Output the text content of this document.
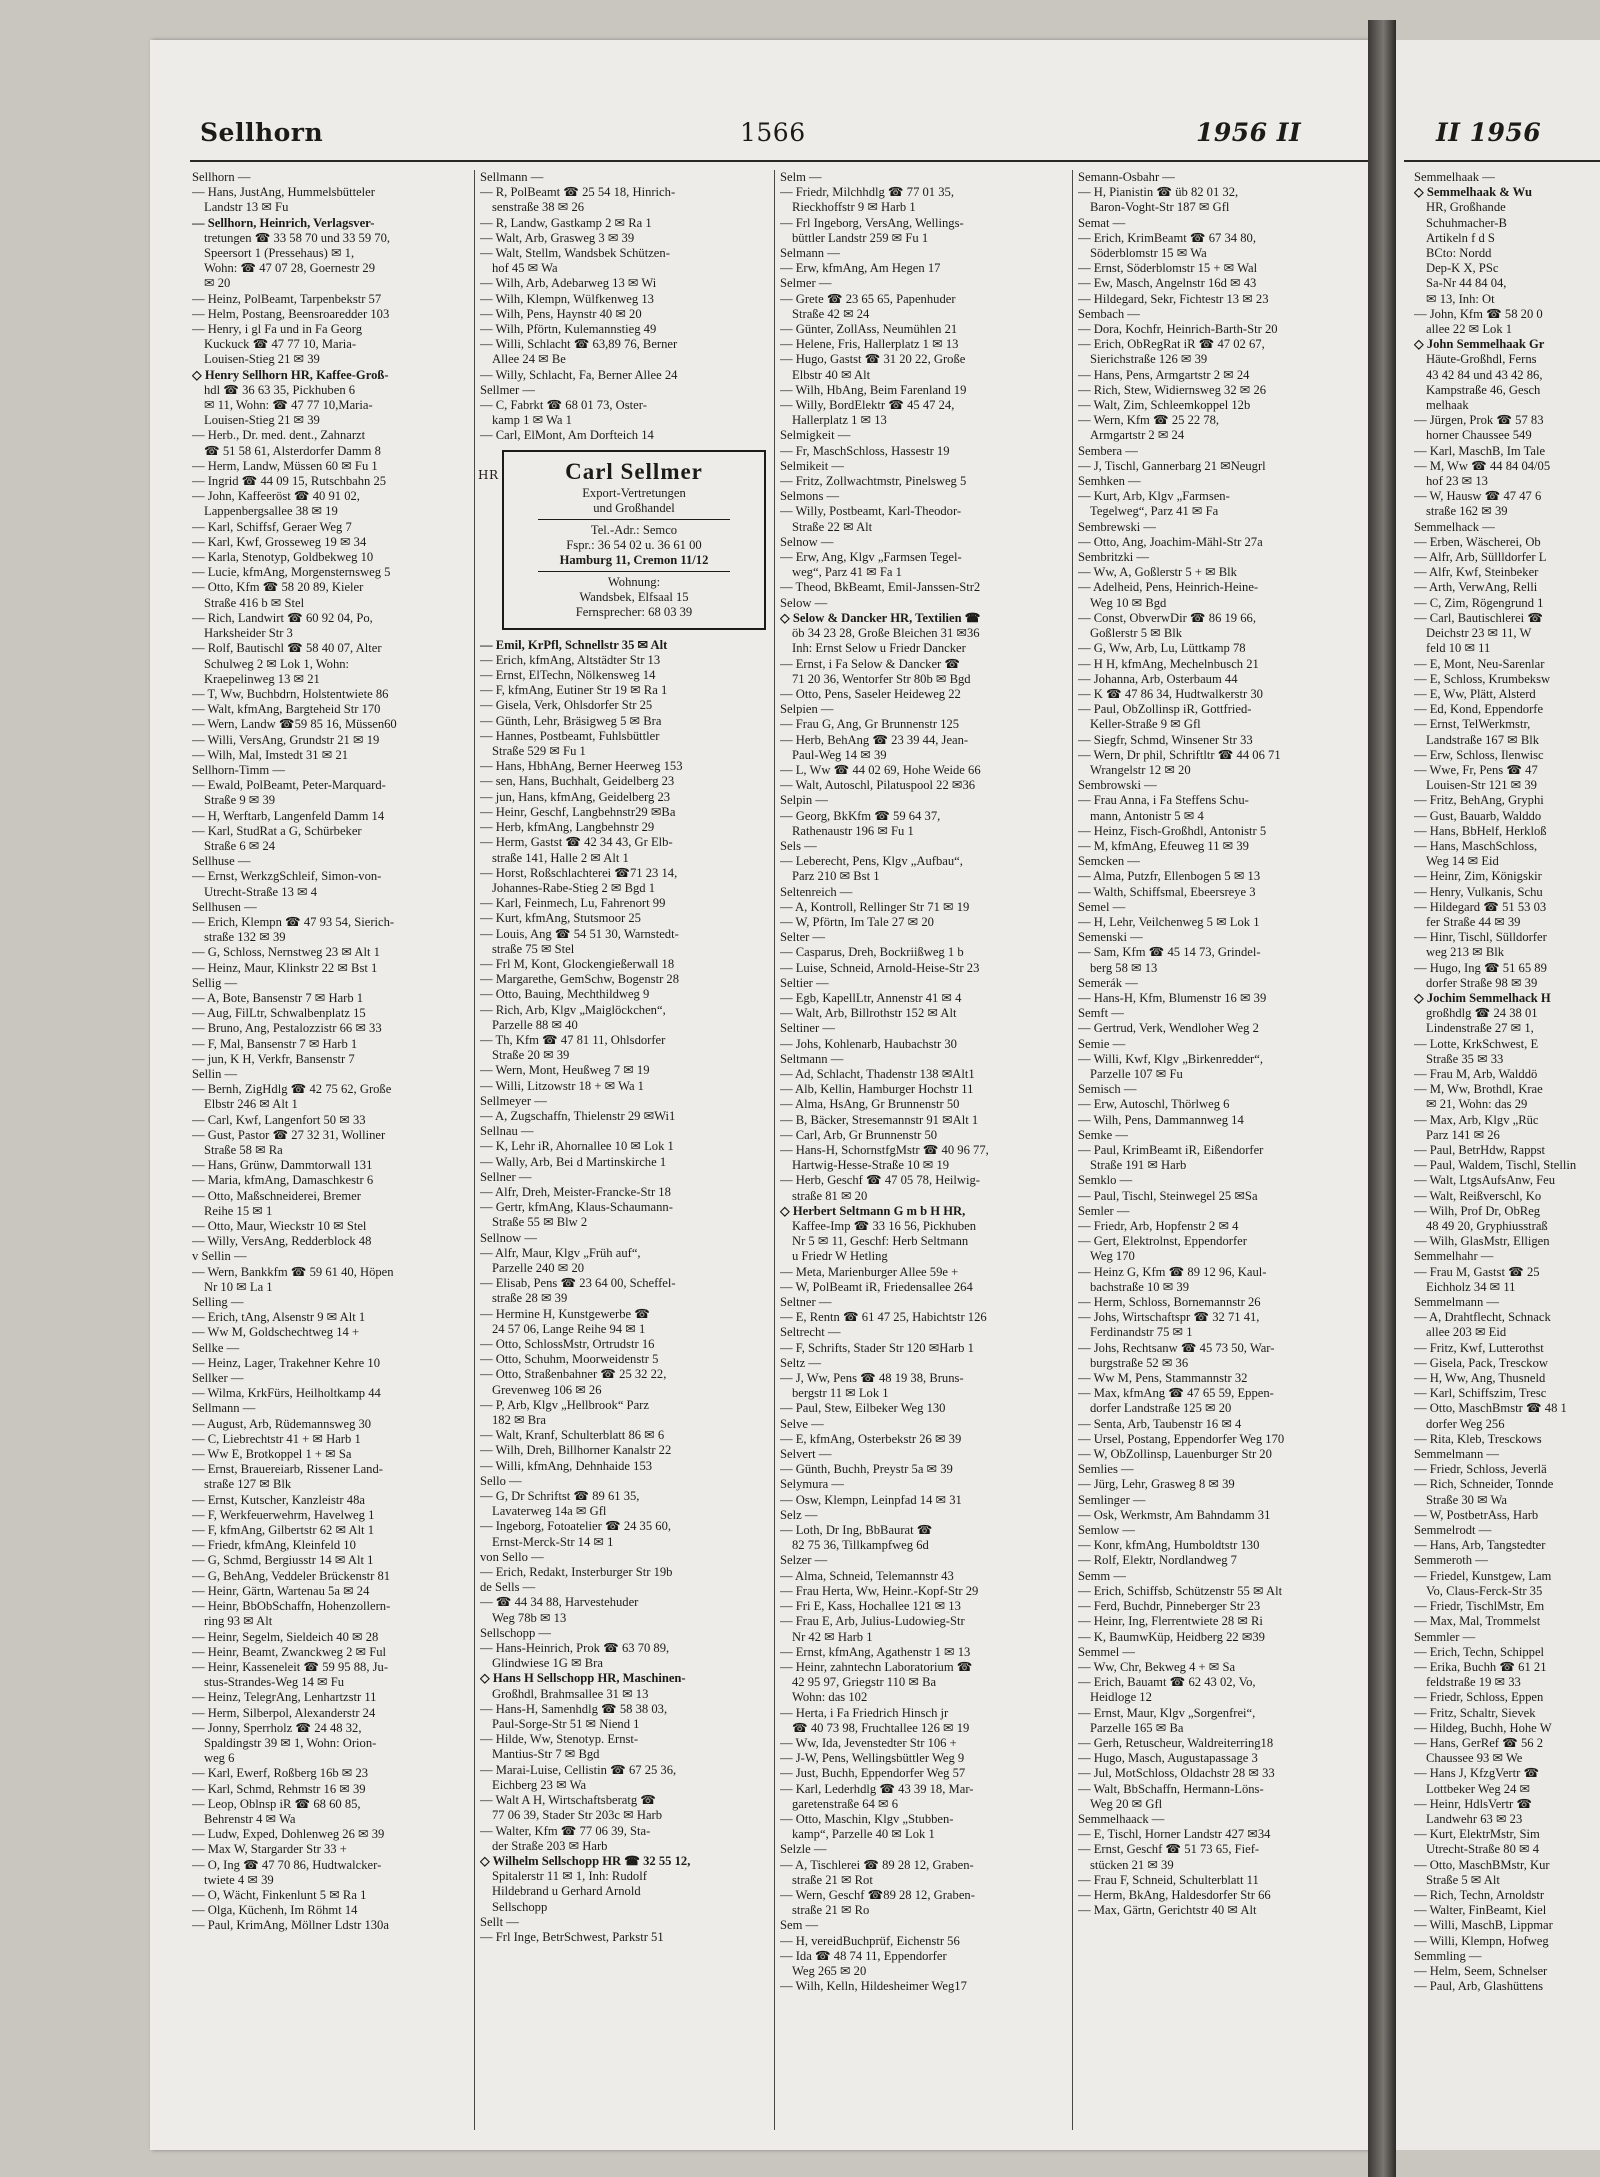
Sellhorn	1566	1956 II	II 1956
Sellhorn —
— Hans, JustAng, Hummelsbütteler
Landstr 13 ✉ Fu
— Sellhorn, Heinrich, Verlagsver-
tretungen ☎ 33 58 70 und 33 59 70,
Speersort 1 (Pressehaus) ✉ 1,
Wohn: ☎ 47 07 28, Goernestr 29
✉ 20
— Heinz, PolBeamt, Tarpenbekstr 57
— Helm, Postang, Beensroaredder 103
— Henry, i gl Fa und in Fa Georg
Kuckuck ☎ 47 77 10, Maria-
Louisen-Stieg 21 ✉ 39
◇ Henry Sellhorn HR, Kaffee-Groß-
hdl ☎ 36 63 35, Pickhuben 6
✉ 11, Wohn: ☎ 47 77 10,Maria-
Louisen-Stieg 21 ✉ 39
— Herb., Dr. med. dent., Zahnarzt
☎ 51 58 61, Alsterdorfer Damm 8
— Herm, Landw, Müssen 60 ✉ Fu 1
— Ingrid ☎ 44 09 15, Rutschbahn 25
— John, Kaffeeröst ☎ 40 91 02,
Lappenbergsallee 38 ✉ 19
— Karl, Schiffsf, Geraer Weg 7
— Karl, Kwf, Grosseweg 19 ✉ 34
— Karla, Stenotyp, Goldbekweg 10
— Lucie, kfmAng, Morgensternsweg 5
— Otto, Kfm ☎ 58 20 89, Kieler
Straße 416 b ✉ Stel
— Rich, Landwirt ☎ 60 92 04, Po,
Harksheider Str 3
— Rolf, Bautischl ☎ 58 40 07, Alter
Schulweg 2 ✉ Lok 1, Wohn:
Kraepelinweg 13 ✉ 21
— T, Ww, Buchbdrn, Holstentwiete 86
— Walt, kfmAng, Bargteheid Str 170
— Wern, Landw ☎59 85 16, Müssen60
— Willi, VersAng, Grundstr 21 ✉ 19
— Wilh, Mal, Imstedt 31 ✉ 21
Sellhorn-Timm —
— Ewald, PolBeamt, Peter-Marquard-
Straße 9 ✉ 39
— H, Werftarb, Langenfeld Damm 14
— Karl, StudRat a G, Schürbeker
Straße 6 ✉ 24
Sellhuse —
— Ernst, WerkzgSchleif, Simon-von-
Utrecht-Straße 13 ✉ 4
Sellhusen —
— Erich, Klempn ☎ 47 93 54, Sierich-
straße 132 ✉ 39
— G, Schloss, Nernstweg 23 ✉ Alt 1
— Heinz, Maur, Klinkstr 22 ✉ Bst 1
Sellig —
— A, Bote, Bansenstr 7 ✉ Harb 1
— Aug, FilLtr, Schwalbenplatz 15
— Bruno, Ang, Pestalozzistr 66 ✉ 33
— F, Mal, Bansenstr 7 ✉ Harb 1
— jun, K H, Verkfr, Bansenstr 7
Sellin —
— Bernh, ZigHdlg ☎ 42 75 62, Große
Elbstr 246 ✉ Alt 1
— Carl, Kwf, Langenfort 50 ✉ 33
— Gust, Pastor ☎ 27 32 31, Wolliner
Straße 58 ✉ Ra
— Hans, Grünw, Dammtorwall 131
— Maria, kfmAng, Damaschkestr 6
— Otto, Maßschneiderei, Bremer
Reihe 15 ✉ 1
— Otto, Maur, Wieckstr 10 ✉ Stel
— Willy, VersAng, Redderblock 48
v Sellin —
— Wern, Bankkfm ☎ 59 61 40, Höpen
Nr 10 ✉ La 1
Selling —
— Erich, tAng, Alsenstr 9 ✉ Alt 1
— Ww M, Goldschechtweg 14 +
Sellke —
— Heinz, Lager, Trakehner Kehre 10
Sellker —
— Wilma, KrkFürs, Heilholtkamp 44
Sellmann —
— August, Arb, Rüdemannsweg 30
— C, Liebrechtstr 41 + ✉ Harb 1
— Ww E, Brotkoppel 1 + ✉ Sa
— Ernst, Brauereiarb, Rissener Land-
straße 127 ✉ Blk
— Ernst, Kutscher, Kanzleistr 48a
— F, Werkfeuerwehrm, Havelweg 1
— F, kfmAng, Gilbertstr 62 ✉ Alt 1
— Friedr, kfmAng, Kleinfeld 10
— G, Schmd, Bergiusstr 14 ✉ Alt 1
— G, BehAng, Veddeler Brückenstr 81
— Heinr, Gärtn, Wartenau 5a ✉ 24
— Heinr, BbObSchaffn, Hohenzollern-
ring 93 ✉ Alt
— Heinr, Segelm, Sieldeich 40 ✉ 28
— Heinr, Beamt, Zwanckweg 2 ✉ Ful
— Heinr, Kasseneleit ☎ 59 95 88, Ju-
stus-Strandes-Weg 14 ✉ Fu
— Heinz, TelegrAng, Lenhartzstr 11
— Herm, Silberpol, Alexanderstr 24
— Jonny, Sperrholz ☎ 24 48 32,
Spaldingstr 39 ✉ 1, Wohn: Orion-
weg 6
— Karl, Ewerf, Roßberg 16b ✉ 23
— Karl, Schmd, Rehmstr 16 ✉ 39
— Leop, Oblnsp iR ☎ 68 60 85,
Behrenstr 4 ✉ Wa
— Ludw, Exped, Dohlenweg 26 ✉ 39
— Max W, Stargarder Str 33 +
— O, Ing ☎ 47 70 86, Hudtwalcker-
twiete 4 ✉ 39
— O, Wächt, Finkenlunt 5 ✉ Ra 1
— Olga, Küchenh, Im Röhmt 14
— Paul, KrimAng, Möllner Ldstr 130a
Sellmann —
— R, PolBeamt ☎ 25 54 18, Hinrich-
senstraße 38 ✉ 26
— R, Landw, Gastkamp 2 ✉ Ra 1
— Walt, Arb, Grasweg 3 ✉ 39
— Walt, Stellm, Wandsbek Schützen-
hof 45 ✉ Wa
— Wilh, Arb, Adebarweg 13 ✉ Wi
— Wilh, Klempn, Wülfkenweg 13
— Wilh, Pens, Haynstr 40 ✉ 20
— Wilh, Pförtn, Kulemannstieg 49
— Willi, Schlacht ☎ 63,89 76, Berner
Allee 24 ✉ Be
— Willy, Schlacht, Fa, Berner Allee 24
Sellmer —
— C, Fabrkt ☎ 68 01 73, Oster-
kamp 1 ✉ Wa 1
— Carl, ElMont, Am Dorfteich 14
Carl Sellmer
Export-Vertretungen
und Großhandel
Tel.-Adr.: Semco
Fspr.: 36 54 02 u. 36 61 00
Hamburg 11, Cremon 11/12
Wohnung:
Wandsbek, Elfsaal 15
Fernsprecher: 68 03 39
— Emil, KrPfl, Schnellstr 35 ✉ Alt
— Erich, kfmAng, Altstädter Str 13
— Ernst, ElTechn, Nölkensweg 14
— F, kfmAng, Eutiner Str 19 ✉ Ra 1
— Gisela, Verk, Ohlsdorfer Str 25
— Günth, Lehr, Bräsigweg 5 ✉ Bra
— Hannes, Postbeamt, Fuhlsbüttler
Straße 529 ✉ Fu 1
— Hans, HbhAng, Berner Heerweg 153
— sen, Hans, Buchhalt, Geidelberg 23
— jun, Hans, kfmAng, Geidelberg 23
— Heinr, Geschf, Langbehnstr29 ✉Ba
— Herb, kfmAng, Langbehnstr 29
— Herm, Gastst ☎ 42 34 43, Gr Elb-
straße 141, Halle 2 ✉ Alt 1
— Horst, Roßschlachterei ☎71 23 14,
Johannes-Rabe-Stieg 2 ✉ Bgd 1
— Karl, Feinmech, Lu, Fahrenort 99
— Kurt, kfmAng, Stutsmoor 25
— Louis, Ang ☎ 54 51 30, Warnstedt-
straße 75 ✉ Stel
— Frl M, Kont, Glockengießerwall 18
— Margarethe, GemSchw, Bogenstr 28
— Otto, Bauing, Mechthildweg 9
— Rich, Arb, Klgv „Maiglöckchen“,
Parzelle 88 ✉ 40
— Th, Kfm ☎ 47 81 11, Ohlsdorfer
Straße 20 ✉ 39
— Wern, Mont, Heußweg 7 ✉ 19
— Willi, Litzowstr 18 + ✉ Wa 1
Sellmeyer —
— A, Zugschaffn, Thielenstr 29 ✉Wi1
Sellnau —
— K, Lehr iR, Ahornallee 10 ✉ Lok 1
— Wally, Arb, Bei d Martinskirche 1
Sellner —
— Alfr, Dreh, Meister-Francke-Str 18
— Gertr, kfmAng, Klaus-Schaumann-
Straße 55 ✉ Blw 2
Sellnow —
— Alfr, Maur, Klgv „Früh auf“,
Parzelle 240 ✉ 20
— Elisab, Pens ☎ 23 64 00, Scheffel-
straße 28 ✉ 39
— Hermine H, Kunstgewerbe ☎
24 57 06, Lange Reihe 94 ✉ 1
— Otto, SchlossMstr, Ortrudstr 16
— Otto, Schuhm, Moorweidenstr 5
— Otto, Straßenbahner ☎ 25 32 22,
Grevenweg 106 ✉ 26
— P, Arb, Klgv „Hellbrook“ Parz
182 ✉ Bra
— Walt, Kranf, Schulterblatt 86 ✉ 6
— Wilh, Dreh, Billhorner Kanalstr 22
— Willi, kfmAng, Dehnhaide 153
Sello —
— G, Dr Schriftst ☎ 89 61 35,
Lavaterweg 14a ✉ Gfl
— Ingeborg, Fotoatelier ☎ 24 35 60,
Ernst-Merck-Str 14 ✉ 1
von Sello —
— Erich, Redakt, Insterburger Str 19b
de Sells —
— ☎ 44 34 88, Harvestehuder
Weg 78b ✉ 13
Sellschopp —
— Hans-Heinrich, Prok ☎ 63 70 89,
Glindwiese 1G ✉ Bra
◇ Hans H Sellschopp HR, Maschinen-
Großhdl, Brahmsallee 31 ✉ 13
— Hans-H, Samenhdlg ☎ 58 38 03,
Paul-Sorge-Str 51 ✉ Niend 1
— Hilde, Ww, Stenotyp. Ernst-
Mantius-Str 7 ✉ Bgd
— Marai-Luise, Cellistin ☎ 67 25 36,
Eichberg 23 ✉ Wa
— Walt A H, Wirtschaftsberatg ☎
77 06 39, Stader Str 203c ✉ Harb
— Walter, Kfm ☎ 77 06 39, Sta-
der Straße 203 ✉ Harb
◇ Wilhelm Sellschopp HR ☎ 32 55 12,
Spitalerstr 11 ✉ 1, Inh: Rudolf
Hildebrand u Gerhard Arnold
Sellschopp
Sellt —
— Frl Inge, BetrSchwest, Parkstr 51
HR
Selm —
— Friedr, Milchhdlg ☎ 77 01 35,
Rieckhoffstr 9 ✉ Harb 1
— Frl Ingeborg, VersAng, Wellings-
büttler Landstr 259 ✉ Fu 1
Selmann —
— Erw, kfmAng, Am Hegen 17
Selmer —
— Grete ☎ 23 65 65, Papenhuder
Straße 42 ✉ 24
— Günter, ZollAss, Neumühlen 21
— Helene, Fris, Hallerplatz 1 ✉ 13
— Hugo, Gastst ☎ 31 20 22, Große
Elbstr 40 ✉ Alt
— Wilh, HbAng, Beim Farenland 19
— Willy, BordElektr ☎ 45 47 24,
Hallerplatz 1 ✉ 13
Selmigkeit —
— Fr, MaschSchloss, Hassestr 19
Selmikeit —
— Fritz, Zollwachtmstr, Pinelsweg 5
Selmons —
— Willy, Postbeamt, Karl-Theodor-
Straße 22 ✉ Alt
Selnow —
— Erw, Ang, Klgv „Farmsen Tegel-
weg“, Parz 41 ✉ Fa 1
— Theod, BkBeamt, Emil-Janssen-Str2
Selow —
◇ Selow & Dancker HR, Textilien ☎
öb 34 23 28, Große Bleichen 31 ✉36
Inh: Ernst Selow u Friedr Dancker
— Ernst, i Fa Selow & Dancker ☎
71 20 36, Wentorfer Str 80b ✉ Bgd
— Otto, Pens, Saseler Heideweg 22
Selpien —
— Frau G, Ang, Gr Brunnenstr 125
— Herb, BehAng ☎ 23 39 44, Jean-
Paul-Weg 14 ✉ 39
— L, Ww ☎ 44 02 69, Hohe Weide 66
— Walt, Autoschl, Pilatuspool 22 ✉36
Selpin —
— Georg, BkKfm ☎ 59 64 37,
Rathenaustr 196 ✉ Fu 1
Sels —
— Leberecht, Pens, Klgv „Aufbau“,
Parz 210 ✉ Bst 1
Seltenreich —
— A, Kontroll, Rellinger Str 71 ✉ 19
— W, Pförtn, Im Tale 27 ✉ 20
Selter —
— Casparus, Dreh, Bockriißweg 1 b
— Luise, Schneid, Arnold-Heise-Str 23
Seltier —
— Egb, KapellLtr, Annenstr 41 ✉ 4
— Walt, Arb, Billrothstr 152 ✉ Alt
Seltiner —
— Johs, Kohlenarb, Haubachstr 30
Seltmann —
— Ad, Schlacht, Thadenstr 138 ✉Alt1
— Alb, Kellin, Hamburger Hochstr 11
— Alma, HsAng, Gr Brunnenstr 50
— B, Bäcker, Stresemannstr 91 ✉Alt 1
— Carl, Arb, Gr Brunnenstr 50
— Hans-H, SchornstfgMstr ☎ 40 96 77,
Hartwig-Hesse-Straße 10 ✉ 19
— Herb, Geschf ☎ 47 05 78, Heilwig-
straße 81 ✉ 20
◇ Herbert Seltmann G m b H HR,
Kaffee-Imp ☎ 33 16 56, Pickhuben
Nr 5 ✉ 11, Geschf: Herb Seltmann
u Friedr W Hetling
— Meta, Marienburger Allee 59e +
— W, PolBeamt iR, Friedensallee 264
Seltner —
— E, Rentn ☎ 61 47 25, Habichtstr 126
Seltrecht —
— F, Schrifts, Stader Str 120 ✉Harb 1
Seltz —
— J, Ww, Pens ☎ 48 19 38, Bruns-
bergstr 11 ✉ Lok 1
— Paul, Stew, Eilbeker Weg 130
Selve —
— E, kfmAng, Osterbekstr 26 ✉ 39
Selvert —
— Günth, Buchh, Preystr 5a ✉ 39
Selymura —
— Osw, Klempn, Leinpfad 14 ✉ 31
Selz —
— Loth, Dr Ing, BbBaurat ☎
82 75 36, Tillkampfweg 6d
Selzer —
— Alma, Schneid, Telemannstr 43
— Frau Herta, Ww, Heinr.-Kopf-Str 29
— Fri E, Kass, Hochallee 121 ✉ 13
— Frau E, Arb, Julius-Ludowieg-Str
Nr 42 ✉ Harb 1
— Ernst, kfmAng, Agathenstr 1 ✉ 13
— Heinr, zahntechn Laboratorium ☎
42 95 97, Griegstr 110 ✉ Ba
Wohn: das 102
— Herta, i Fa Friedrich Hinsch jr
☎ 40 73 98, Fruchtallee 126 ✉ 19
— Ww, Ida, Jevenstedter Str 106 +
— J-W, Pens, Wellingsbüttler Weg 9
— Just, Buchh, Eppendorfer Weg 57
— Karl, Lederhdlg ☎ 43 39 18, Mar-
garetenstraße 64 ✉ 6
— Otto, Maschin, Klgv „Stubben-
kamp“, Parzelle 40 ✉ Lok 1
Selzle —
— A, Tischlerei ☎ 89 28 12, Graben-
straße 21 ✉ Rot
— Wern, Geschf ☎89 28 12, Graben-
straße 21 ✉ Ro
Sem —
— H, vereidBuchprüf, Eichenstr 56
— Ida ☎ 48 74 11, Eppendorfer
Weg 265 ✉ 20
— Wilh, Kelln, Hildesheimer Weg17
Semann-Osbahr —
— H, Pianistin ☎ üb 82 01 32,
Baron-Voght-Str 187 ✉ Gfl
Semat —
— Erich, KrimBeamt ☎ 67 34 80,
Söderblomstr 15 ✉ Wa
— Ernst, Söderblomstr 15 + ✉ Wal
— Ew, Masch, Angelnstr 16d ✉ 43
— Hildegard, Sekr, Fichtestr 13 ✉ 23
Sembach —
— Dora, Kochfr, Heinrich-Barth-Str 20
— Erich, ObRegRat iR ☎ 47 02 67,
Sierichstraße 126 ✉ 39
— Hans, Pens, Armgartstr 2 ✉ 24
— Rich, Stew, Widiernsweg 32 ✉ 26
— Walt, Zim, Schleemkoppel 12b
— Wern, Kfm ☎ 25 22 78,
Armgartstr 2 ✉ 24
Sembera —
— J, Tischl, Gannerbarg 21 ✉Neugrl
Semhken —
— Kurt, Arb, Klgv „Farmsen-
Tegelweg“, Parz 41 ✉ Fa
Sembrewski —
— Otto, Ang, Joachim-Mähl-Str 27a
Sembritzki —
— Ww, A, Goßlerstr 5 + ✉ Blk
— Adelheid, Pens, Heinrich-Heine-
Weg 10 ✉ Bgd
— Const, ObverwDir ☎ 86 19 66,
Goßlerstr 5 ✉ Blk
— G, Ww, Arb, Lu, Lüttkamp 78
— H H, kfmAng, Mechelnbusch 21
— Johanna, Arb, Osterbaum 44
— K ☎ 47 86 34, Hudtwalkerstr 30
— Paul, ObZollinsp iR, Gottfried-
Keller-Straße 9 ✉ Gfl
— Siegfr, Schmd, Winsener Str 33
— Wern, Dr phil, Schriftltr ☎ 44 06 71
Wrangelstr 12 ✉ 20
Sembrowski —
— Frau Anna, i Fa Steffens Schu-
mann, Antonistr 5 ✉ 4
— Heinz, Fisch-Großhdl, Antonistr 5
— M, kfmAng, Efeuweg 11 ✉ 39
Semcken —
— Alma, Putzfr, Ellenbogen 5 ✉ 13
— Walth, Schiffsmal, Ebeersreye 3
Semel —
— H, Lehr, Veilchenweg 5 ✉ Lok 1
Semenski —
— Sam, Kfm ☎ 45 14 73, Grindel-
berg 58 ✉ 13
Semerák —
— Hans-H, Kfm, Blumenstr 16 ✉ 39
Semft —
— Gertrud, Verk, Wendloher Weg 2
Semie —
— Willi, Kwf, Klgv „Birkenredder“,
Parzelle 107 ✉ Fu
Semisch —
— Erw, Autoschl, Thörlweg 6
— Wilh, Pens, Dammannweg 14
Semke —
— Paul, KrimBeamt iR, Eißendorfer
Straße 191 ✉ Harb
Semklo —
— Paul, Tischl, Steinwegel 25 ✉Sa
Semler —
— Friedr, Arb, Hopfenstr 2 ✉ 4
— Gert, Elektrolnst, Eppendorfer
Weg 170
— Heinz G, Kfm ☎ 89 12 96, Kaul-
bachstraße 10 ✉ 39
— Herm, Schloss, Bornemannstr 26
— Johs, Wirtschaftspr ☎ 32 71 41,
Ferdinandstr 75 ✉ 1
— Johs, Rechtsanw ☎ 45 73 50, War-
burgstraße 52 ✉ 36
— Ww M, Pens, Stammannstr 32
— Max, kfmAng ☎ 47 65 59, Eppen-
dorfer Landstraße 125 ✉ 20
— Senta, Arb, Taubenstr 16 ✉ 4
— Ursel, Postang, Eppendorfer Weg 170
— W, ObZollinsp, Lauenburger Str 20
Semlies —
— Jürg, Lehr, Grasweg 8 ✉ 39
Semlinger —
— Osk, Werkmstr, Am Bahndamm 31
Semlow —
— Konr, kfmAng, Humboldtstr 130
— Rolf, Elektr, Nordlandweg 7
Semm —
— Erich, Schiffsb, Schützenstr 55 ✉ Alt
— Ferd, Buchdr, Pinneberger Str 23
— Heinr, Ing, Flerrentwiete 28 ✉ Ri
— K, BaumwKüp, Heidberg 22 ✉39
Semmel —
— Ww, Chr, Bekweg 4 + ✉ Sa
— Erich, Bauamt ☎ 62 43 02, Vo,
Heidloge 12
— Ernst, Maur, Klgv „Sorgenfrei“,
Parzelle 165 ✉ Ba
— Gerh, Retuscheur, Waldreiterring18
— Hugo, Masch, Augustapassage 3
— Jul, MotSchloss, Oldachstr 28 ✉ 33
— Walt, BbSchaffn, Hermann-Löns-
Weg 20 ✉ Gfl
Semmelhaack —
— E, Tischl, Horner Landstr 427 ✉34
— Ernst, Geschf ☎ 51 73 65, Fief-
stücken 21 ✉ 39
— Frau F, Schneid, Schulterblatt 11
— Herm, BkAng, Haldesdorfer Str 66
— Max, Gärtn, Gerichtstr 40 ✉ Alt
Semmelhaak —
◇ Semmelhaak & Wu
HR, Großhande
Schuhmacher-B
Artikeln f d S
BCto: Nordd
Dep-K X, PSc
Sa-Nr 44 84 04,
✉ 13, Inh: Ot
— John, Kfm ☎ 58 20 0
allee 22 ✉ Lok 1
◇ John Semmelhaak Gr
Häute-Großhdl, Ferns
43 42 84 und 43 42 86,
Kampstraße 46, Gesch
melhaak
— Jürgen, Prok ☎ 57 83
horner Chaussee 549
— Karl, MaschB, Im Tale
— M, Ww ☎ 44 84 04/05
hof 23 ✉ 13
— W, Hausw ☎ 47 47 6
straße 162 ✉ 39
Semmelhack —
— Erben, Wäscherei, Ob
— Alfr, Arb, Süllldorfer L
— Alfr, Kwf, Steinbeker
— Arth, VerwAng, Relli
— C, Zim, Rögengrund 1
— Carl, Bautischlerei ☎
Deichstr 23 ✉ 11, W
feld 10 ✉ 11
— E, Mont, Neu-Sarenlar
— E, Schloss, Krumbeksw
— E, Ww, Plätt, Alsterd
— Ed, Kond, Eppendorfe
— Ernst, TelWerkmstr,
Landstraße 167 ✉ Blk
— Erw, Schloss, Ilenwisc
— Wwe, Fr, Pens ☎ 47
Louisen-Str 121 ✉ 39
— Fritz, BehAng, Gryphi
— Gust, Bauarb, Walddo
— Hans, BbHelf, Herkloß
— Hans, MaschSchloss,
Weg 14 ✉ Eid
— Heinr, Zim, Königskir
— Henry, Vulkanis, Schu
— Hildegard ☎ 51 53 03
fer Straße 44 ✉ 39
— Hinr, Tischl, Sülldorfer
weg 213 ✉ Blk
— Hugo, Ing ☎ 51 65 89
dorfer Straße 98 ✉ 39
◇ Jochim Semmelhack H
großhdlg ☎ 24 38 01
Lindenstraße 27 ✉ 1,
— Lotte, KrkSchwest, E
Straße 35 ✉ 33
— Frau M, Arb, Walddö
— M, Ww, Brothdl, Krae
✉ 21, Wohn: das 29
— Max, Arb, Klgv „Rüc
Parz 141 ✉ 26
— Paul, BetrHdw, Rappst
— Paul, Waldem, Tischl, Stellin
— Walt, LtgsAufsAnw, Feu
— Walt, Reißverschl, Ko
— Wilh, Prof Dr, ObReg
48 49 20, Gryphiusstraß
— Wilh, GlasMstr, Elligen
Semmelhahr —
— Frau M, Gastst ☎ 25
Eichholz 34 ✉ 11
Semmelmann —
— A, Drahtflecht, Schnack
allee 203 ✉ Eid
— Fritz, Kwf, Lutterothst
— Gisela, Pack, Tresckow
— H, Ww, Ang, Thusneld
— Karl, Schiffszim, Tresc
— Otto, MaschBmstr ☎ 48 1
dorfer Weg 256
— Rita, Kleb, Tresckows
Semmelmann —
— Friedr, Schloss, Jeverlä
— Rich, Schneider, Tonnde
Straße 30 ✉ Wa
— W, PostbetrAss, Harb
Semmelrodt —
— Hans, Arb, Tangstedter
Semmeroth —
— Friedel, Kunstgew, Lam
Vo, Claus-Ferck-Str 35
— Friedr, TischlMstr, Em
— Max, Mal, Trommelst
Semmler —
— Erich, Techn, Schippel
— Erika, Buchh ☎ 61 21
feldstraße 19 ✉ 33
— Friedr, Schloss, Eppen
— Fritz, Schaltr, Sievek
— Hildeg, Buchh, Hohe W
— Hans, GerRef ☎ 56 2
Chaussee 93 ✉ We
— Hans J, KfzgVertr ☎
Lottbeker Weg 24 ✉
— Heinr, HdlsVertr ☎
Landwehr 63 ✉ 23
— Kurt, ElektrMstr, Sim
Utrecht-Straße 80 ✉ 4
— Otto, MaschBMstr, Kur
Straße 5 ✉ Alt
— Rich, Techn, Arnoldstr
— Walter, FinBeamt, Kiel
— Willi, MaschB, Lippmar
— Willi, Klempn, Hofweg
Semmling —
— Helm, Seem, Schnelser
— Paul, Arb, Glashüttens
